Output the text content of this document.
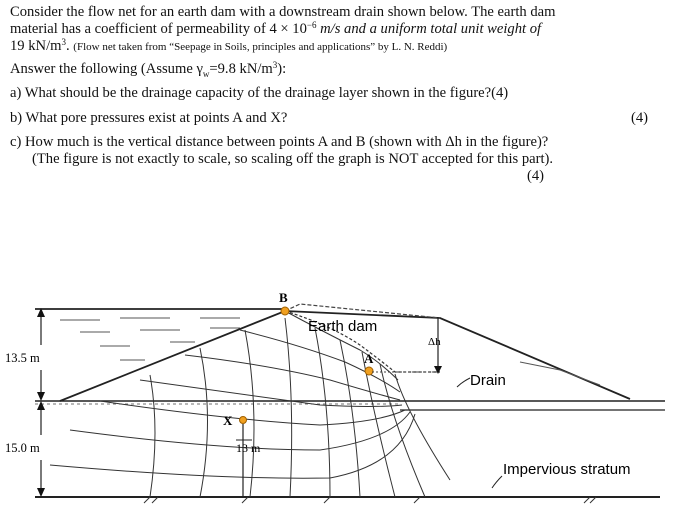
Consider the flow net for an earth dam with a downstream drain shown below. The earth dam
material has a coefficient of permeability of $4 \times 10^{-6}$ m/s and a uniform total unit weight of
19 $kN/m^3$. (Flow net taken from “Seepage in Soils, principles and applications” by L. N. Reddi)
Answer the following (Assume $\gamma_w=9.8$ $kN/m^3$):
a) What should be the drainage capacity of the drainage layer shown in the figure?(4)
b) What pore pressures exist at points A and X?	(4)
c) How much is the vertical distance between points A and B (shown with Δh in the figure)?
(The figure is not exactly to scale, so scaling off the graph is NOT accepted for this part).
(4)
B
A
X
Earth dam
Δh
Drain
Impervious stratum
13.5 m
15.0 m	13 m
